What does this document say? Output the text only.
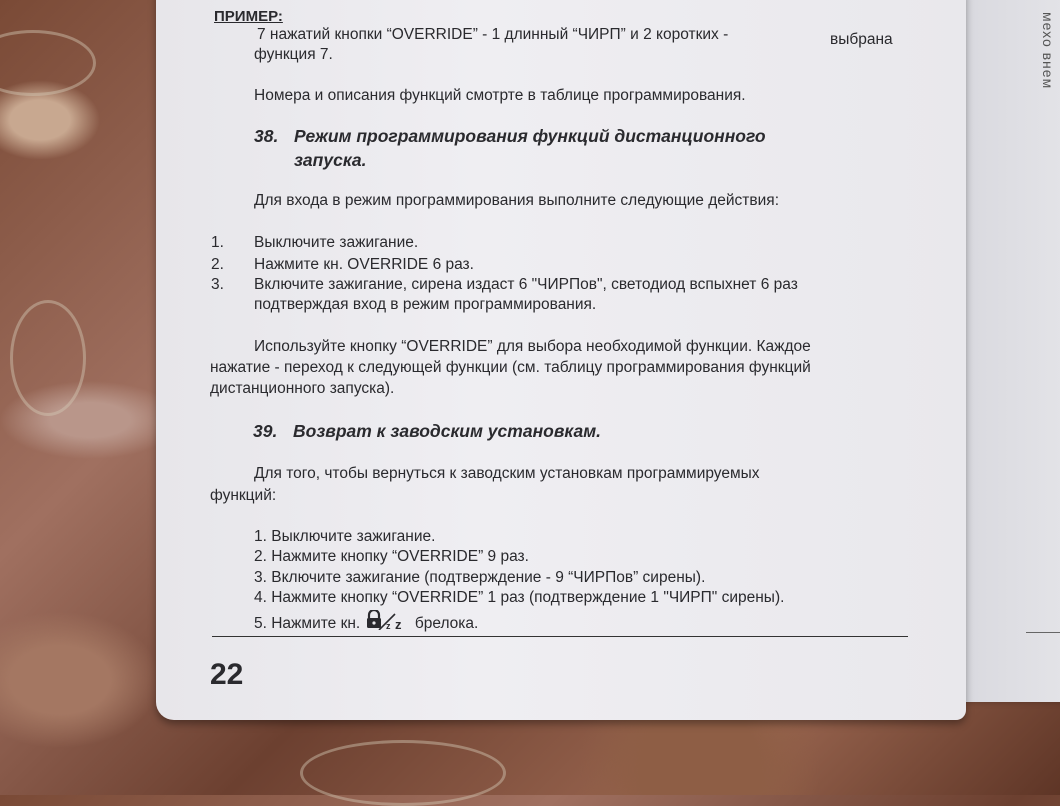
мехо внем
ПРИМЕР:
7 нажатий кнопки “OVERRIDE” - 1 длинный “ЧИРП” и 2 коротких -	выбрана
функция 7.
Номера и описания функций смотрте в таблице программирования.
38. Режим программирования функций дистанционного
запуска.
Для входа в режим программирования выполните следующие действия:
1. Выключите зажигание.
2. Нажмите кн. OVERRIDE 6 раз.
3. Включите зажигание, сирена издаст 6 "ЧИРПов", светодиод вспыхнет 6 раз
подтверждая вход в режим программирования.
Используйте кнопку “OVERRIDE” для выбора необходимой функции. Каждое
нажатие - переход к следующей функции (см. таблицу программирования функций
дистанционного запуска).
39. Возврат к заводским установкам.
Для того, чтобы вернуться к заводским установкам программируемых
функций:
1. Выключите зажигание.
2. Нажмите кнопку “OVERRIDE” 9 раз.
3. Включите зажигание (подтверждение - 9 “ЧИРПов” сирены).
4. Нажмите кнопку “OVERRIDE” 1 раз (подтверждение 1 "ЧИРП" сирены).
5. Нажмите кн.	z z брелока.
22
